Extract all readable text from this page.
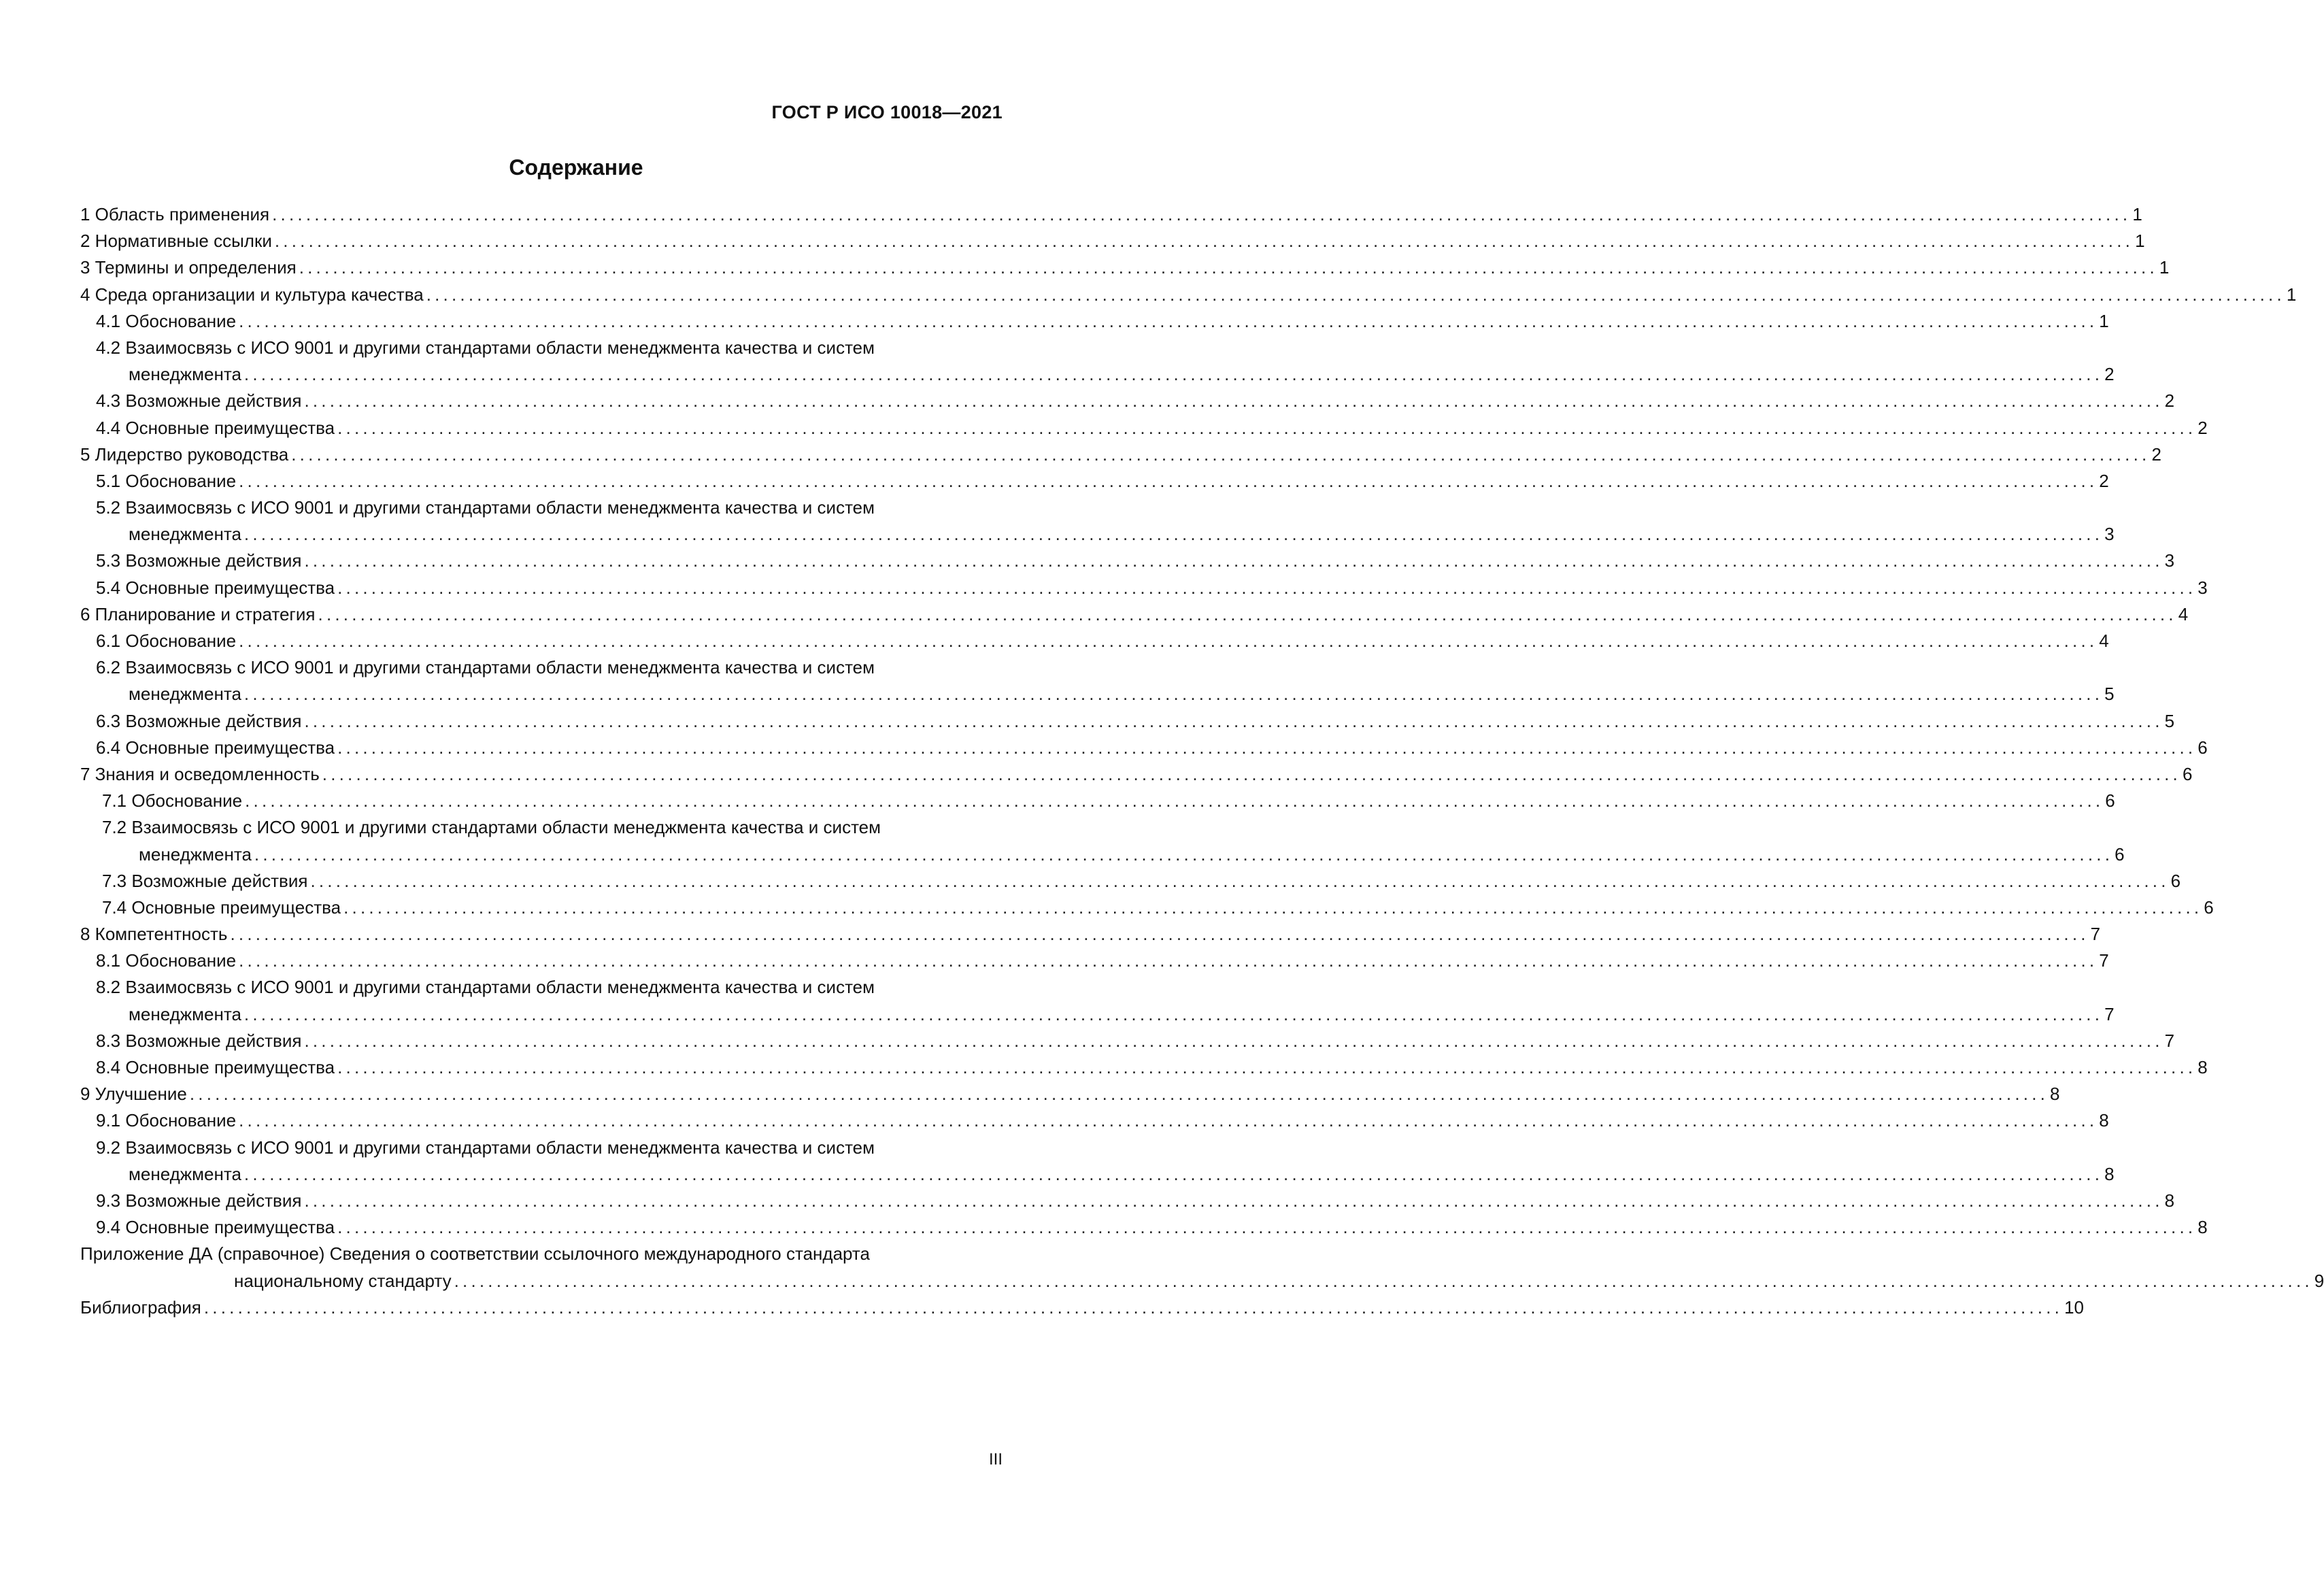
ГОСТ Р ИСО 10018—2021
Содержание
1 Область применения ............................................................................................................................................................................................................................ 1
2 Нормативные ссылки ............................................................................................................................................................................................................................ 1
3 Термины и определения ............................................................................................................................................................................................................................ 1
4 Среда организации и культура качества ............................................................................................................................................................................................................................ 1
4.1 Обоснование ............................................................................................................................................................................................................................ 1
4.2 Взаимосвязь с ИСО 9001 и другими стандартами области менеджмента качества и систем
менеджмента ............................................................................................................................................................................................................................ 2
4.3 Возможные действия ............................................................................................................................................................................................................................ 2
4.4 Основные преимущества ............................................................................................................................................................................................................................ 2
5 Лидерство руководства ............................................................................................................................................................................................................................ 2
5.1 Обоснование ............................................................................................................................................................................................................................ 2
5.2 Взаимосвязь с ИСО 9001 и другими стандартами области менеджмента качества и систем
менеджмента ............................................................................................................................................................................................................................ 3
5.3 Возможные действия ............................................................................................................................................................................................................................ 3
5.4 Основные преимущества ............................................................................................................................................................................................................................ 3
6 Планирование и стратегия ............................................................................................................................................................................................................................ 4
6.1 Обоснование ............................................................................................................................................................................................................................ 4
6.2 Взаимосвязь с ИСО 9001 и другими стандартами области менеджмента качества и систем
менеджмента ............................................................................................................................................................................................................................ 5
6.3 Возможные действия ............................................................................................................................................................................................................................ 5
6.4 Основные преимущества ............................................................................................................................................................................................................................ 6
7 Знания и осведомленность ............................................................................................................................................................................................................................ 6
7.1 Обоснование ............................................................................................................................................................................................................................ 6
7.2 Взаимосвязь с ИСО 9001 и другими стандартами области менеджмента качества и систем
менеджмента ............................................................................................................................................................................................................................ 6
7.3 Возможные действия ............................................................................................................................................................................................................................ 6
7.4 Основные преимущества ............................................................................................................................................................................................................................ 6
8 Компетентность ............................................................................................................................................................................................................................ 7
8.1 Обоснование ............................................................................................................................................................................................................................ 7
8.2 Взаимосвязь с ИСО 9001 и другими стандартами области менеджмента качества и систем
менеджмента ............................................................................................................................................................................................................................ 7
8.3 Возможные действия ............................................................................................................................................................................................................................ 7
8.4 Основные преимущества ............................................................................................................................................................................................................................ 8
9 Улучшение ............................................................................................................................................................................................................................ 8
9.1 Обоснование ............................................................................................................................................................................................................................ 8
9.2 Взаимосвязь с ИСО 9001 и другими стандартами области менеджмента качества и систем
менеджмента ............................................................................................................................................................................................................................ 8
9.3 Возможные действия ............................................................................................................................................................................................................................ 8
9.4 Основные преимущества ............................................................................................................................................................................................................................ 8
Приложение ДА (справочное) Сведения о соответствии ссылочного международного стандарта
национальному стандарту ............................................................................................................................................................................................................................ 9
Библиография ............................................................................................................................................................................................................................ 10
III
